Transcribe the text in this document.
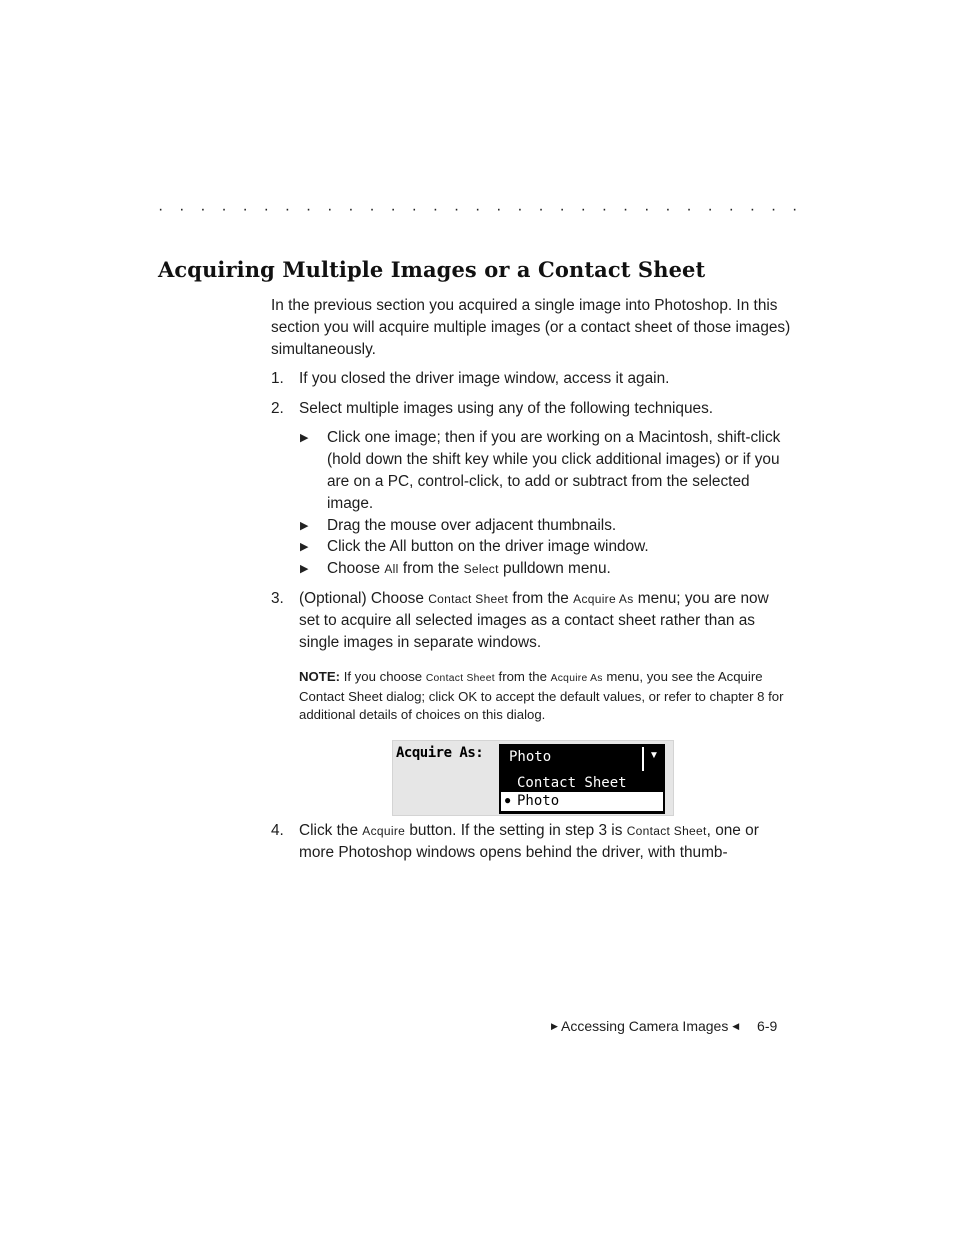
· · · · · · · · · · · · · · · · · · · · · · · · · · · · · · ·
Acquiring Multiple Images or a Contact Sheet

In the previous section you acquired a single image into Photoshop. In this section you will acquire multiple images (or a contact sheet of those images) simultaneously.

1. If you closed the driver image window, access it again.
2. Select multiple images using any of the following techniques.
▶ Click one image; then if you are working on a Macintosh, shift-click (hold down the shift key while you click additional images) or if you are on a PC, control-click, to add or subtract from the selected image.
▶ Drag the mouse over adjacent thumbnails.
▶ Click the All button on the driver image window.
▶ Choose All from the Select pulldown menu.
3. (Optional) Choose Contact Sheet from the Acquire As menu; you are now set to acquire all selected images as a contact sheet rather than as single images in separate windows.
NOTE: If you choose Contact Sheet from the Acquire As menu, you see the Acquire Contact Sheet dialog; click OK to accept the default values, or refer to chapter 8 for additional details of choices on this dialog.
Acquire As: Photo	▼
Contact Sheet
● Photo
4. Click the Acquire button. If the setting in step 3 is Contact Sheet, one or more Photoshop windows opens behind the driver, with thumb-
▶ Accessing Camera Images ◀ 6-9
